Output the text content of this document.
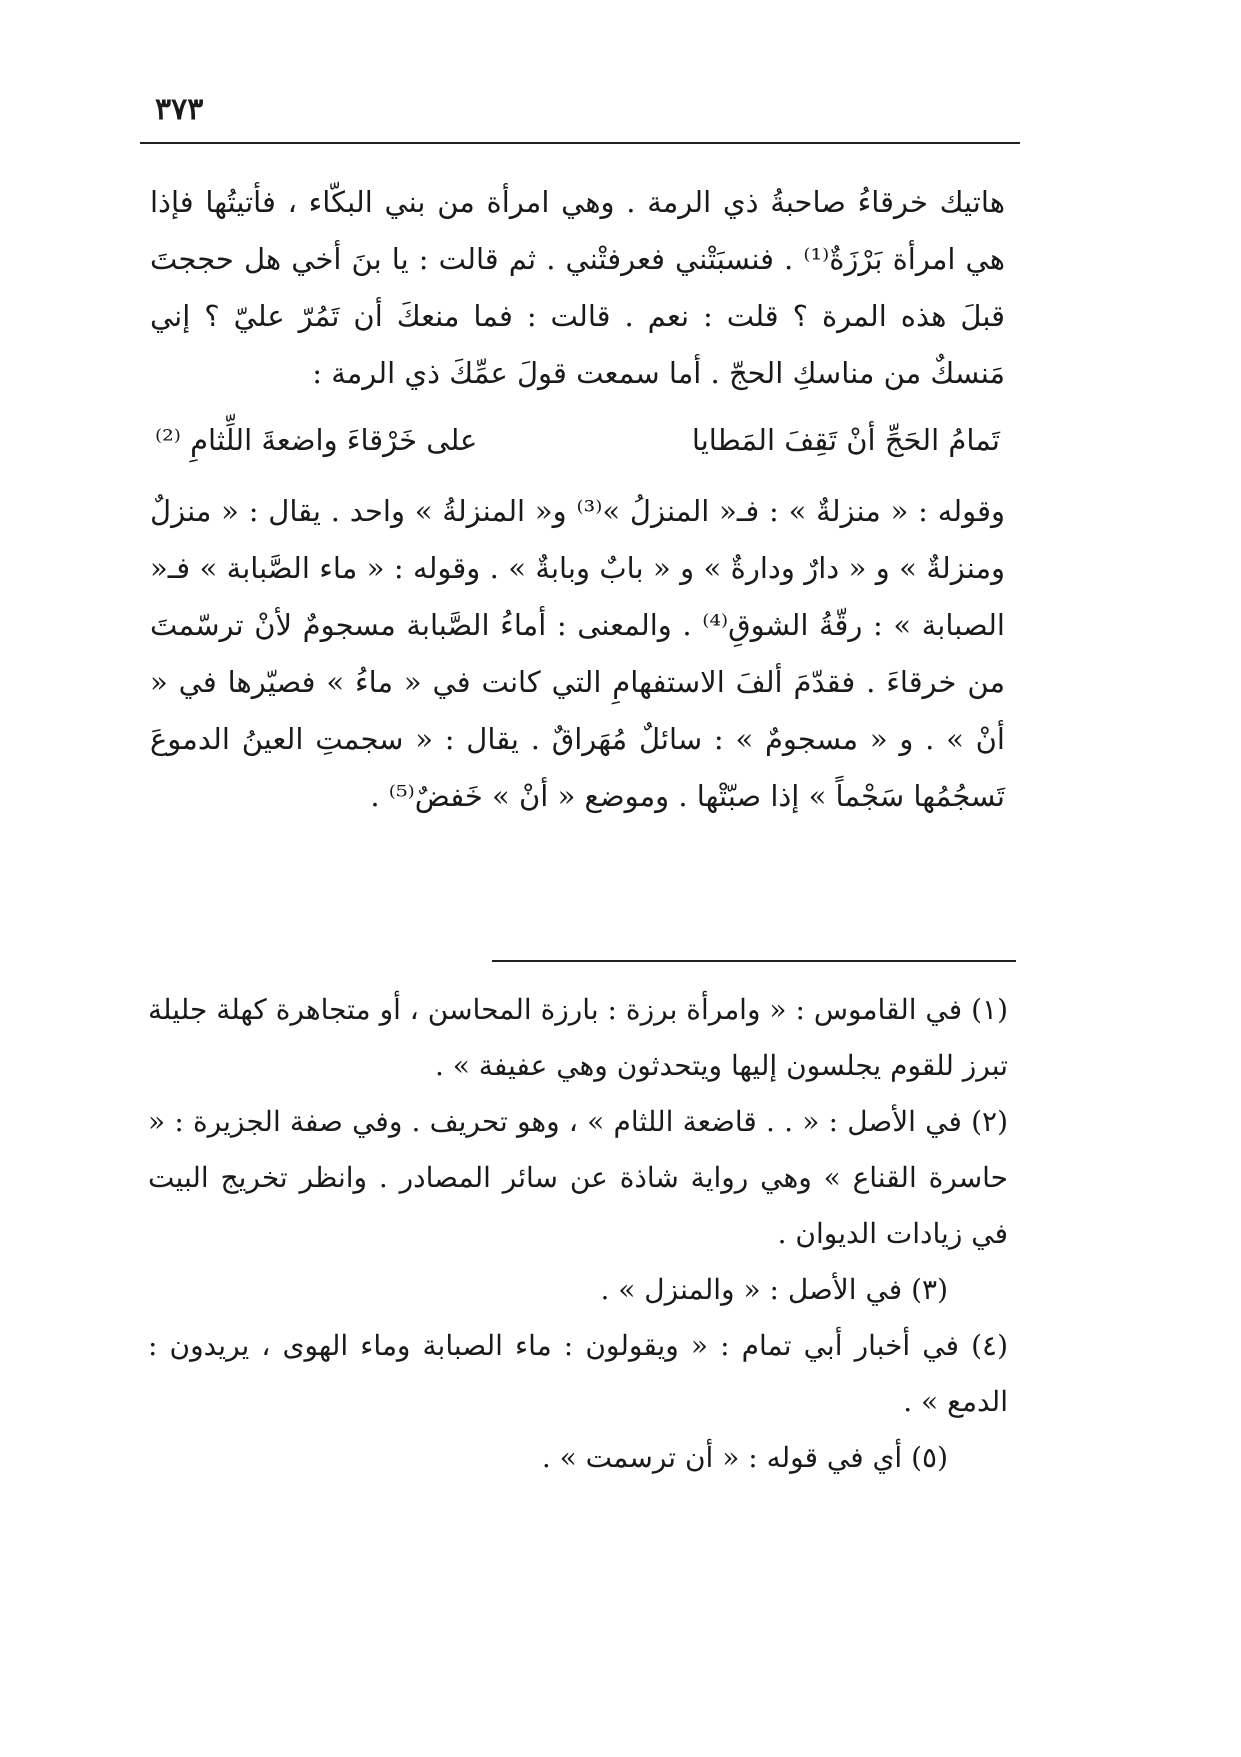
٣٧٣

هاتيك خرقاءُ صاحبةُ ذي الرمة . وهي امرأة من بني البكّاء ، فأتيتُها فإذا هي امرأة بَرْزَةٌ⁽¹⁾ . فنسبَتْني فعرفتْني . ثم قالت : يا بنَ أخي هل حججتَ قبلَ هذه المرة ؟ قلت : نعم . قالت : فما منعكَ أن تَمُرّ عليّ ؟ إني مَنسكٌ من مناسكِ الحجّ . أما سمعت قولَ عمِّكَ ذي الرمة :

تَمامُ الحَجِّ أنْ تَقِفَ المَطايا
على خَرْقاءَ واضعةَ اللِّثامِ ⁽²⁾

وقوله : « منزلةٌ » : فـ« المنزلُ »⁽³⁾ و« المنزلةُ » واحد . يقال : « منزلٌ ومنزلةٌ » و « دارٌ ودارةٌ » و « بابٌ وبابةٌ » . وقوله : « ماء الصَّبابة » فـ« الصبابة » : رقّةُ الشوقِ⁽⁴⁾ . والمعنى : أماءُ الصَّبابة مسجومٌ لأنْ ترسّمتَ من خرقاءَ . فقدّمَ ألفَ الاستفهامِ التي كانت في « ماءُ » فصيّرها في « أنْ » . و « مسجومٌ » : سائلٌ مُهَراقٌ . يقال : « سجمتِ العينُ الدموعَ تَسجُمُها سَجْماً » إذا صبّتْها . وموضع « أنْ » خَفضٌ⁽⁵⁾ .

(١) في القاموس : « وامرأة برزة : بارزة المحاسن ، أو متجاهرة كهلة جليلة تبرز للقوم يجلسون إليها ويتحدثون وهي عفيفة » .

(٢) في الأصل : « . . قاضعة اللثام » ، وهو تحريف . وفي صفة الجزيرة : « حاسرة القناع » وهي رواية شاذة عن سائر المصادر . وانظر تخريج البيت في زيادات الديوان .

(٣) في الأصل : « والمنزل » .

(٤) في أخبار أبي تمام : « ويقولون : ماء الصبابة وماء الهوى ، يريدون : الدمع » .

(٥) أي في قوله : « أن ترسمت » .
